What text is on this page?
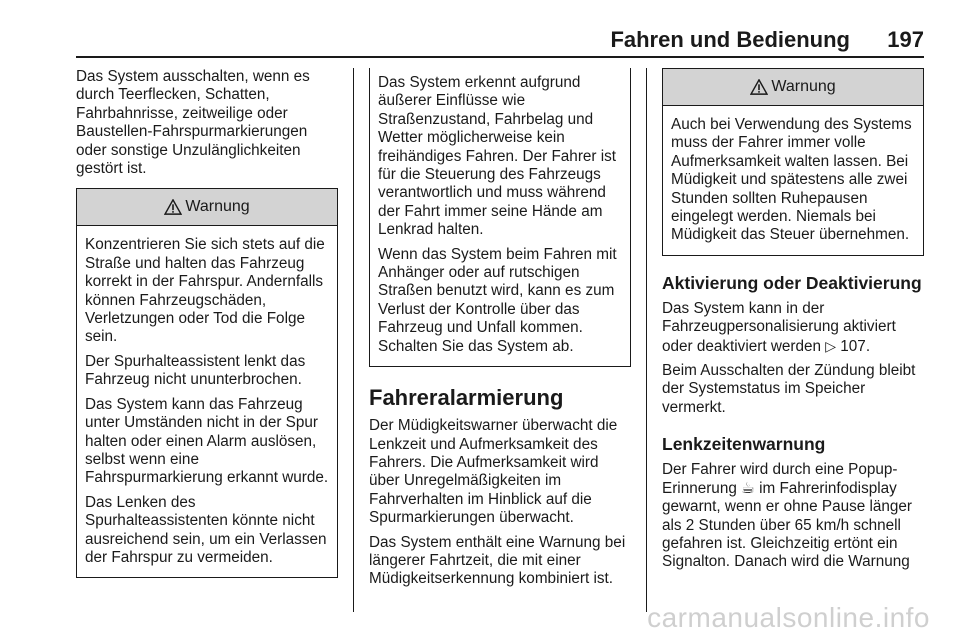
Fahren und Bedienung 197

Das System ausschalten, wenn es durch Teerflecken, Schatten, Fahrbahnrisse, zeitweilige oder Baustellen-Fahrspurmarkierungen oder sonstige Unzulänglichkeiten gestört ist.

Warnung

Konzentrieren Sie sich stets auf die Straße und halten das Fahrzeug korrekt in der Fahrspur. Andernfalls können Fahrzeugschäden, Verletzungen oder Tod die Folge sein.

Der Spurhalteassistent lenkt das Fahrzeug nicht ununterbrochen.

Das System kann das Fahrzeug unter Umständen nicht in der Spur halten oder einen Alarm auslösen, selbst wenn eine Fahrspurmarkierung erkannt wurde.

Das Lenken des Spurhalteassistenten könnte nicht ausreichend sein, um ein Verlassen der Fahrspur zu vermeiden.

Das System erkennt aufgrund äußerer Einflüsse wie Straßenzustand, Fahrbelag und Wetter möglicherweise kein freihändiges Fahren. Der Fahrer ist für die Steuerung des Fahrzeugs verantwortlich und muss während der Fahrt immer seine Hände am Lenkrad halten.

Wenn das System beim Fahren mit Anhänger oder auf rutschigen Straßen benutzt wird, kann es zum Verlust der Kontrolle über das Fahrzeug und Unfall kommen. Schalten Sie das System ab.

Fahreralarmierung

Der Müdigkeitswarner überwacht die Lenkzeit und Aufmerksamkeit des Fahrers. Die Aufmerksamkeit wird über Unregelmäßigkeiten im Fahrverhalten im Hinblick auf die Spurmarkierungen überwacht.

Das System enthält eine Warnung bei längerer Fahrtzeit, die mit einer Müdigkeitserkennung kombiniert ist.

Warnung

Auch bei Verwendung des Systems muss der Fahrer immer volle Aufmerksamkeit walten lassen. Bei Müdigkeit und spätestens alle zwei Stunden sollten Ruhepausen eingelegt werden. Niemals bei Müdigkeit das Steuer übernehmen.

Aktivierung oder Deaktivierung

Das System kann in der Fahrzeugpersonalisierung aktiviert oder deaktiviert werden ▷ 107.

Beim Ausschalten der Zündung bleibt der Systemstatus im Speicher vermerkt.

Lenkzeitenwarnung

Der Fahrer wird durch eine Popup-Erinnerung ☕︎ im Fahrerinfodisplay gewarnt, wenn er ohne Pause länger als 2 Stunden über 65 km/h schnell gefahren ist. Gleichzeitig ertönt ein Signalton. Danach wird die Warnung

carmanualsonline.info
